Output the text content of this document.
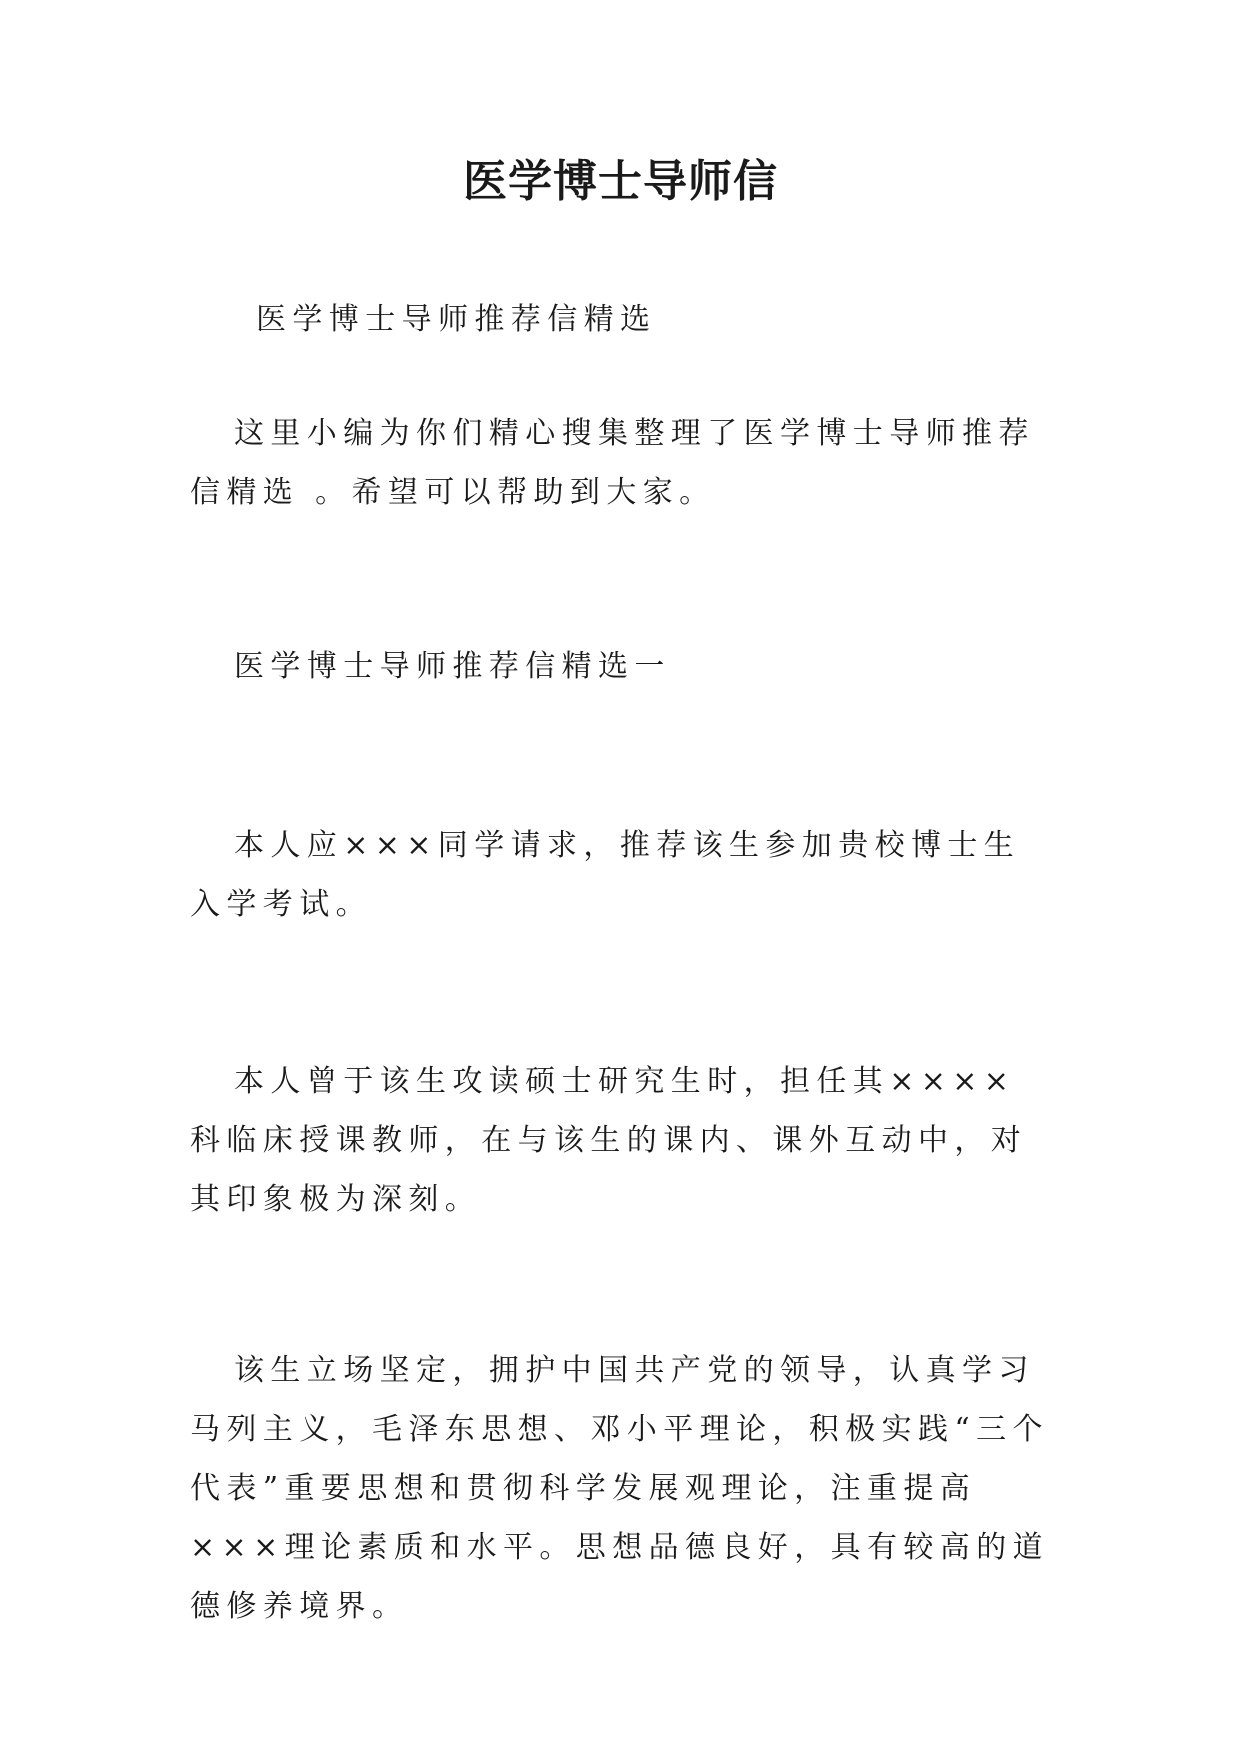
医学博士导师信

医学博士导师推荐信精选

这里小编为你们精心搜集整理了医学博士导师推荐信精选 。希望可以帮助到大家。

医学博士导师推荐信精选一

本人应×××同学请求，推荐该生参加贵校博士生入学考试。

本人曾于该生攻读硕士研究生时，担任其××××科临床授课教师，在与该生的课内、课外互动中，对其印象极为深刻。

该生立场坚定，拥护中国共产党的领导，认真学习马列主义，毛泽东思想、邓小平理论，积极实践“三个代表”重要思想和贯彻科学发展观理论，注重提高×××理论素质和水平。思想品德良好，具有较高的道德修养境界。
